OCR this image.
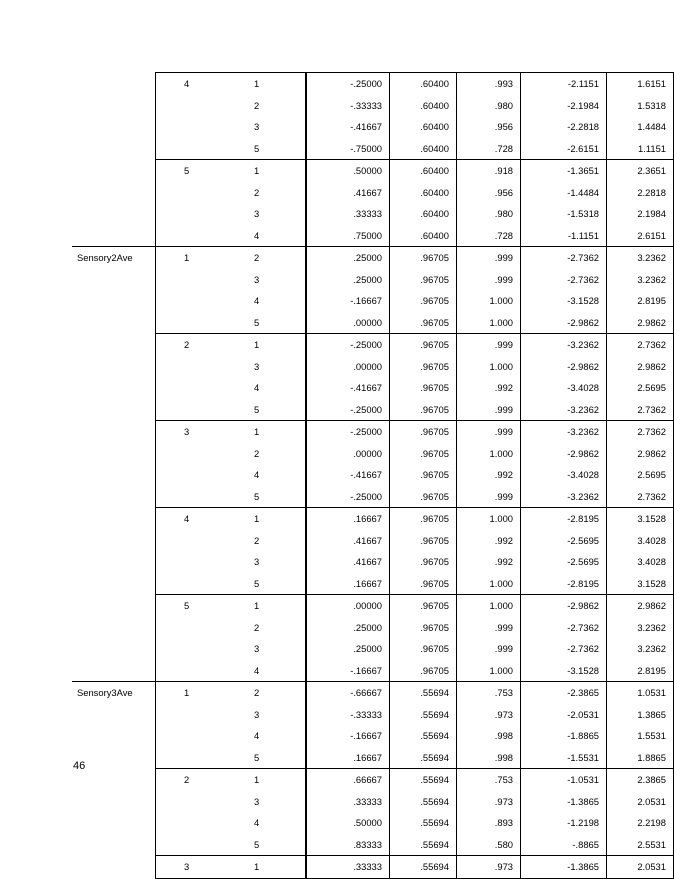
	4	1	-.25000	.60400	.993	-2.1151	1.6151
		2	-.33333	.60400	.980	-2.1984	1.5318
		3	-.41667	.60400	.956	-2.2818	1.4484
		5	-.75000	.60400	.728	-2.6151	1.1151
	5	1	.50000	.60400	.918	-1.3651	2.3651
		2	.41667	.60400	.956	-1.4484	2.2818
		3	.33333	.60400	.980	-1.5318	2.1984
		4	.75000	.60400	.728	-1.1151	2.6151
Sensory2Ave	1	2	.25000	.96705	.999	-2.7362	3.2362
		3	.25000	.96705	.999	-2.7362	3.2362
		4	-.16667	.96705	1.000	-3.1528	2.8195
		5	.00000	.96705	1.000	-2.9862	2.9862
	2	1	-.25000	.96705	.999	-3.2362	2.7362
		3	.00000	.96705	1.000	-2.9862	2.9862
		4	-.41667	.96705	.992	-3.4028	2.5695
		5	-.25000	.96705	.999	-3.2362	2.7362
	3	1	-.25000	.96705	.999	-3.2362	2.7362
		2	.00000	.96705	1.000	-2.9862	2.9862
		4	-.41667	.96705	.992	-3.4028	2.5695
		5	-.25000	.96705	.999	-3.2362	2.7362
	4	1	.16667	.96705	1.000	-2.8195	3.1528
		2	.41667	.96705	.992	-2.5695	3.4028
		3	.41667	.96705	.992	-2.5695	3.4028
		5	.16667	.96705	1.000	-2.8195	3.1528
	5	1	.00000	.96705	1.000	-2.9862	2.9862
		2	.25000	.96705	.999	-2.7362	3.2362
		3	.25000	.96705	.999	-2.7362	3.2362
		4	-.16667	.96705	1.000	-3.1528	2.8195
Sensory3Ave	1	2	-.66667	.55694	.753	-2.3865	1.0531
		3	-.33333	.55694	.973	-2.0531	1.3865
		4	-.16667	.55694	.998	-1.8865	1.5531
		5	.16667	.55694	.998	-1.5531	1.8865
	2	1	.66667	.55694	.753	-1.0531	2.3865
		3	.33333	.55694	.973	-1.3865	2.0531
		4	.50000	.55694	.893	-1.2198	2.2198
		5	.83333	.55694	.580	-.8865	2.5531
	3	1	.33333	.55694	.973	-1.3865	2.0531
46
